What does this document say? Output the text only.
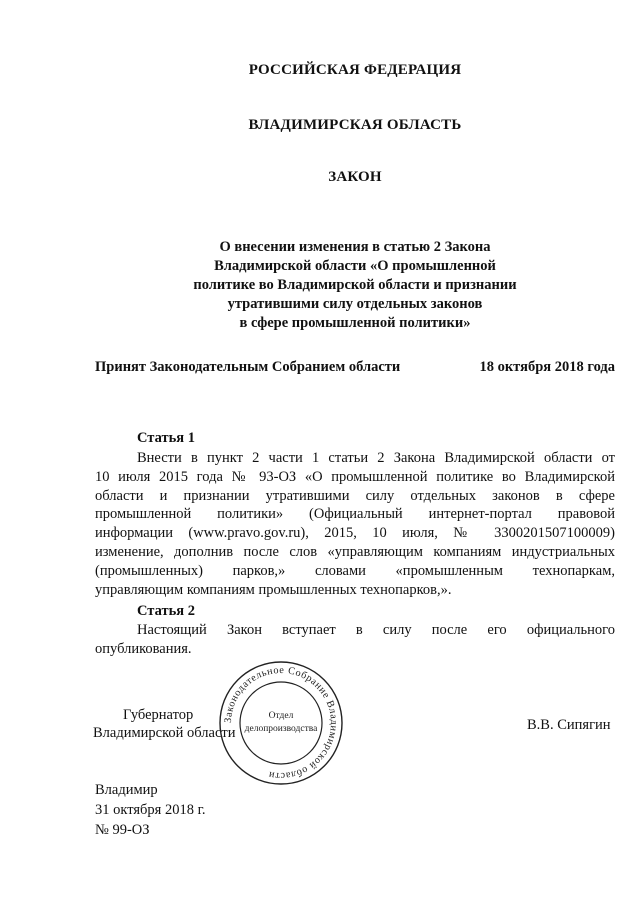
РОССИЙСКАЯ ФЕДЕРАЦИЯ
ВЛАДИМИРСКАЯ ОБЛАСТЬ
ЗАКОН
О внесении изменения в статью 2 Закона
Владимирской области «О промышленной
политике во Владимирской области и признании
утратившими силу отдельных законов
в сфере промышленной политики»
Принят Законодательным Собранием области	18 октября 2018 года
Статья 1
Внести в пункт 2 части 1 статьи 2 Закона Владимирской области от
10 июля 2015 года № 93-ОЗ «О промышленной политике во Владимирской
области и признании утратившими силу отдельных законов в сфере
промышленной политики» (Официальный интернет-портал правовой
информации (www.pravo.gov.ru), 2015, 10 июля, № 3300201507100009)
изменение, дополнив после слов «управляющим компаниям индустриальных
(промышленных) парков,» словами «промышленным технопаркам,
управляющим компаниям промышленных технопарков,».
Статья 2
Настоящий Закон вступает в силу после его официального
опубликования.
Губернатор
Владимирской области	В.В. Сипягин
Законодательное Собрание Владимирской области
Отдел
делопроизводства
Владимир
31 октября 2018 г.
№ 99-ОЗ
